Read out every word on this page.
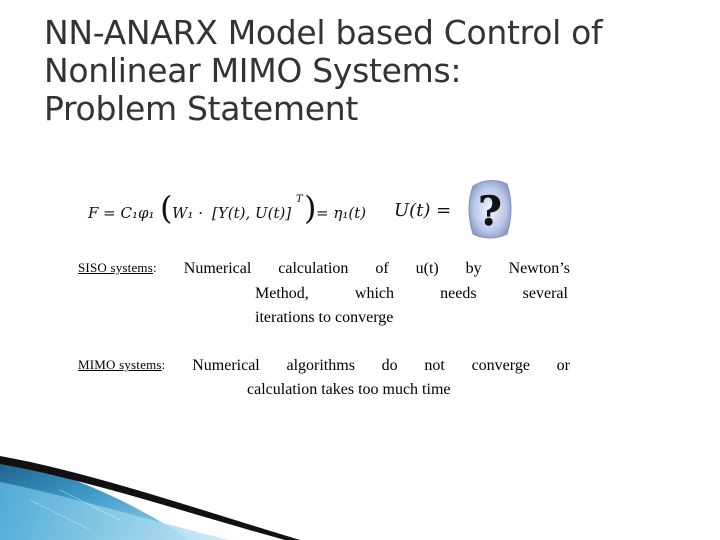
NN-ANARX Model based Control of
Nonlinear MIMO Systems:
Problem Statement
F = C₁φ₁ ( W₁ · [Y(t), U(t)]
T ) = η₁(t) U(t) = ?
SISO systems: Numerical calculation of u(t) by Newton’s
Method,	which	needs	several
iterations to converge
MIMO systems: Numerical algorithms do not converge or
calculation takes too much time
